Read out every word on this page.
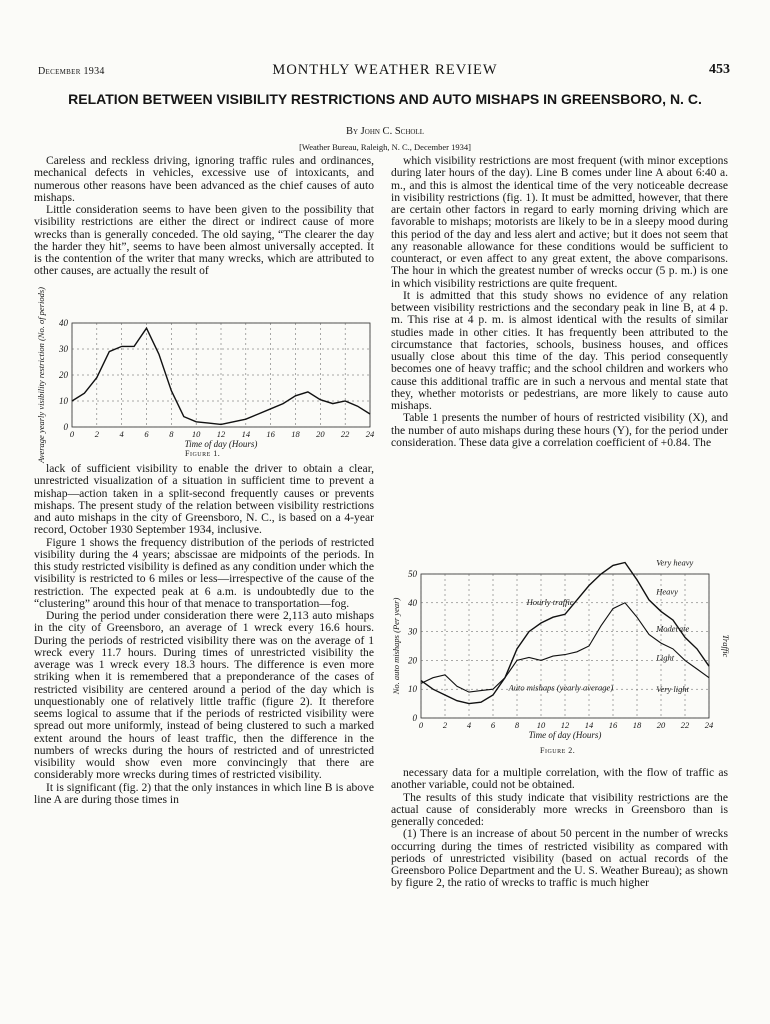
December 1934	MONTHLY WEATHER REVIEW	453
RELATION BETWEEN VISIBILITY RESTRICTIONS AND AUTO MISHAPS IN GREENSBORO, N. C.
By John C. Scholl
[Weather Bureau, Raleigh, N. C., December 1934]

Careless and reckless driving, ignoring traffic rules and ordinances, mechanical defects in vehicles, excessive use of intoxicants, and numerous other reasons have been advanced as the chief causes of auto mishaps.

Little consideration seems to have been given to the possibility that visibility restrictions are either the direct or indirect cause of more wrecks than is generally conceded. The old saying, “The clearer the day the harder they hit”, seems to have been almost universally accepted. It is the contention of the writer that many wrecks, which are attributed to other causes, are actually the result of

0
10
20
30
40
0 2 4 6 8 10 12 14 16 18 20 22 24
Time of day (Hours)
Average yearly visibility restriction (No. of periods)	Figure 1.

lack of sufficient visibility to enable the driver to obtain a clear, unrestricted visualization of a situation in sufficient time to prevent a mishap—action taken in a split-second frequently causes or prevents mishaps. The present study of the relation between visibility restrictions and auto mishaps in the city of Greensboro, N. C., is based on a 4-year record, October 1930 September 1934, inclusive.

Figure 1 shows the frequency distribution of the periods of restricted visibility during the 4 years; abscissae are midpoints of the periods. In this study restricted visibility is defined as any condition under which the visibility is restricted to 6 miles or less—irrespective of the cause of the restriction. The expected peak at 6 a.m. is undoubtedly due to the “clustering” around this hour of that menace to transportation—fog.

During the period under consideration there were 2,113 auto mishaps in the city of Greensboro, an average of 1 wreck every 16.6 hours. During the periods of restricted visibility there was on the average of 1 wreck every 11.7 hours. During times of unrestricted visibility the average was 1 wreck every 18.3 hours. The difference is even more striking when it is remembered that a preponderance of the cases of restricted visibility are centered around a period of the day which is unquestionably one of relatively little traffic (figure 2). It therefore seems logical to assume that if the periods of restricted visibility were spread out more uniformly, instead of being clustered to such a marked extent around the hours of least traffic, then the difference in the numbers of wrecks during the hours of restricted and of unrestricted visibility would show even more convincingly that there are considerably more wrecks during times of restricted visibility.

It is significant (fig. 2) that the only instances in which line B is above line A are during those times in

which visibility restrictions are most frequent (with minor exceptions during later hours of the day). Line B comes under line A about 6:40 a. m., and this is almost the identical time of the very noticeable decrease in visibility restrictions (fig. 1). It must be admitted, however, that there are certain other factors in regard to early morning driving which are favorable to mishaps; motorists are likely to be in a sleepy mood during this period of the day and less alert and active; but it does not seem that any reasonable allowance for these conditions would be sufficient to counteract, or even affect to any great extent, the above comparisons. The hour in which the greatest number of wrecks occur (5 p. m.) is one in which visibility restrictions are quite frequent.

It is admitted that this study shows no evidence of any relation between visibility restrictions and the secondary peak in line B, at 4 p. m. This rise at 4 p. m. is almost identical with the results of similar studies made in other cities. It has frequently been attributed to the circumstance that factories, schools, business houses, and offices usually close about this time of the day. This period consequently becomes one of heavy traffic; and the school children and workers who cause this additional traffic are in such a nervous and mental state that they, whether motorists or pedestrians, are more likely to cause auto mishaps.

Table 1 presents the number of hours of restricted visibility (X), and the number of auto mishaps during these hours (Y), for the period under consideration. These data give a correlation coefficient of +0.84. The

0
10
20
30
40
50
0 2 4 6 8 10 12 14 16 18 20 22 24
Time of day (Hours)
No. auto mishaps (Per year)	Hourly traffic
Auto mishaps (yearly average)
Very heavy
Heavy
Moderate
Light
Very light
Traffic
Figure 2.

necessary data for a multiple correlation, with the flow of traffic as another variable, could not be obtained.

The results of this study indicate that visibility restrictions are the actual cause of considerably more wrecks in Greensboro than is generally conceded:

(1) There is an increase of about 50 percent in the number of wrecks occurring during the times of restricted visibility as compared with periods of unrestricted visibility (based on actual records of the Greensboro Police Department and the U. S. Weather Bureau); as shown by figure 2, the ratio of wrecks to traffic is much higher
